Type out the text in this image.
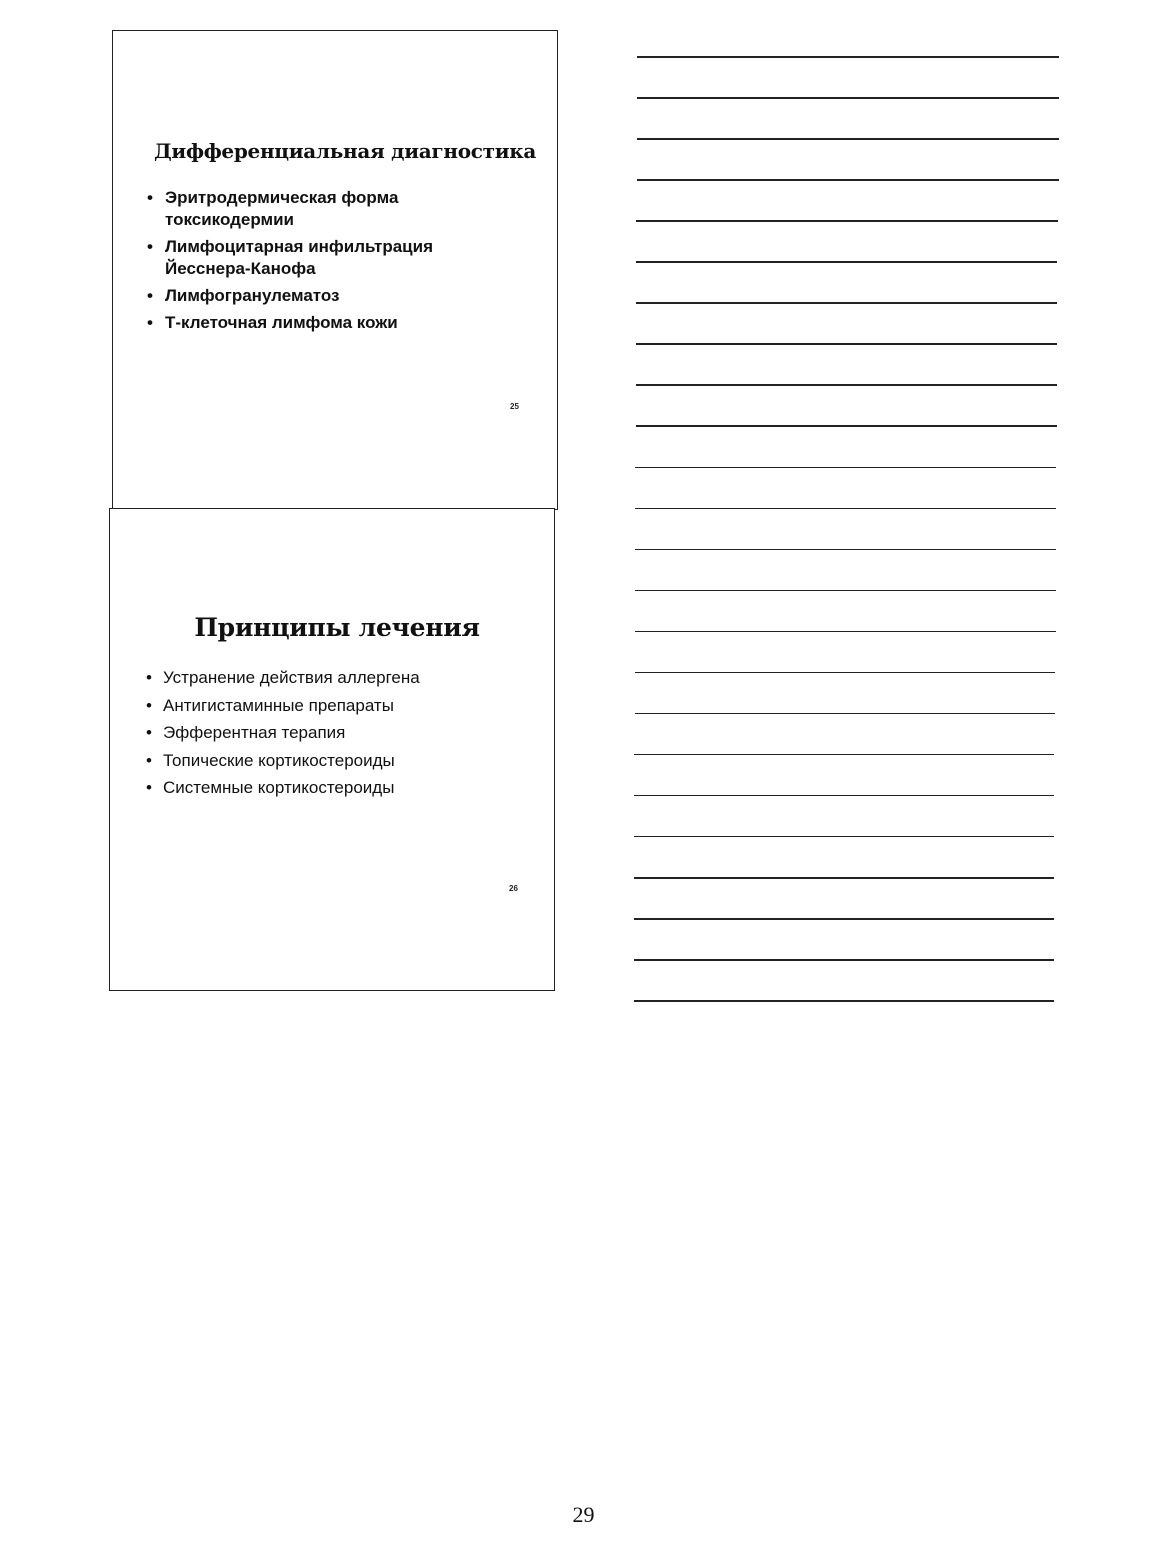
Дифференциальная диагностика
• Эритродермическая форма токсикодермии
• Лимфоцитарная инфильтрация Йесснера-Канофа
• Лимфогранулематоз
• Т-клеточная лимфома кожи
25
Принципы лечения
• Устранение действия аллергена
• Антигистаминные препараты
• Эфферентная терапия
• Топические кортикостероиды
• Системные кортикостероиды
26
29
